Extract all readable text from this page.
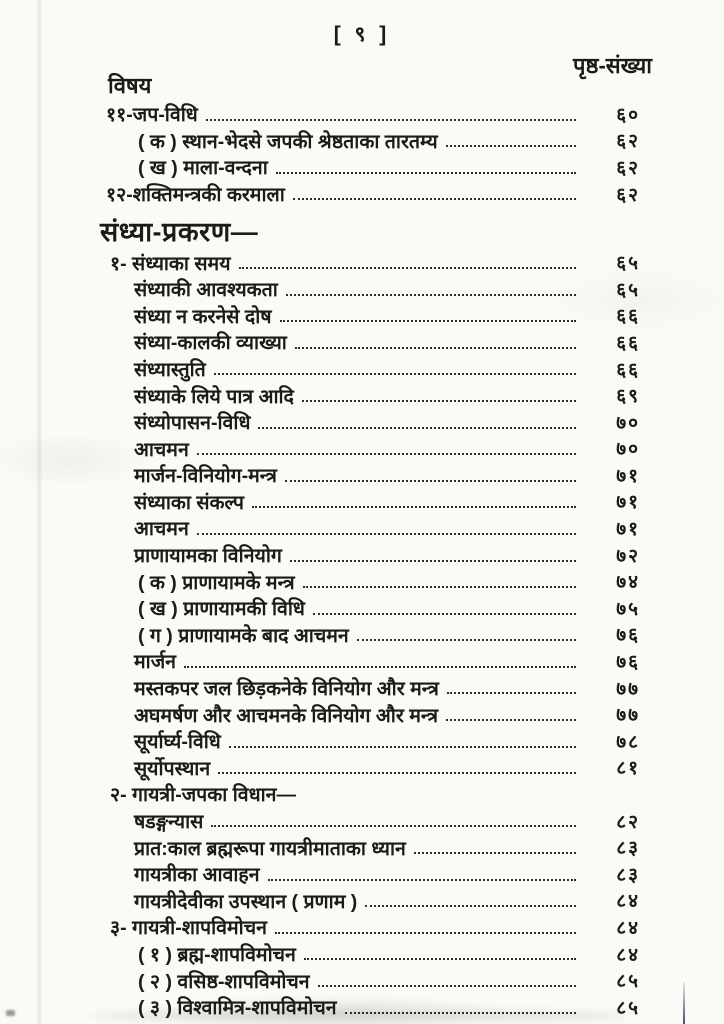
[ ९ ]
विषय
पृष्ठ-संख्या
११-जप-विधि	६०
( क ) स्थान-भेदसे जपकी श्रेष्ठताका तारतम्य	६२
( ख ) माला-वन्दना	६२
१२-शक्तिमन्त्रकी करमाला	६२
संध्या-प्रकरण—
१- संध्याका समय	६५
संध्याकी आवश्यकता	६५
संध्या न करनेसे दोष	६६
संध्या-कालकी व्याख्या	६६
संध्यास्तुति	६६
संध्याके लिये पात्र आदि	६९
संध्योपासन-विधि	७०
आचमन	७०
मार्जन-विनियोग-मन्त्र	७१
संध्याका संकल्प	७१
आचमन	७१
प्राणायामका विनियोग	७२
( क ) प्राणायामके मन्त्र	७४
( ख ) प्राणायामकी विधि	७५
( ग ) प्राणायामके बाद आचमन	७६
मार्जन	७६
मस्तकपर जल छिड़कनेके विनियोग और मन्त्र	७७
अघमर्षण और आचमनके विनियोग और मन्त्र	७७
सूर्यार्घ्य-विधि	७८
सूर्योपस्थान	८१
२- गायत्री-जपका विधान—
षडङ्गन्यास	८२
प्रात:काल ब्रह्मरूपा गायत्रीमाताका ध्यान	८३
गायत्रीका आवाहन	८३
गायत्रीदेवीका उपस्थान ( प्रणाम )	८४
३- गायत्री-शापविमोचन	८४
( १ ) ब्रह्म-शापविमोचन	८४
( २ ) वसिष्ठ-शापविमोचन	८५
( ३ ) विश्वामित्र-शापविमोचन	८५
